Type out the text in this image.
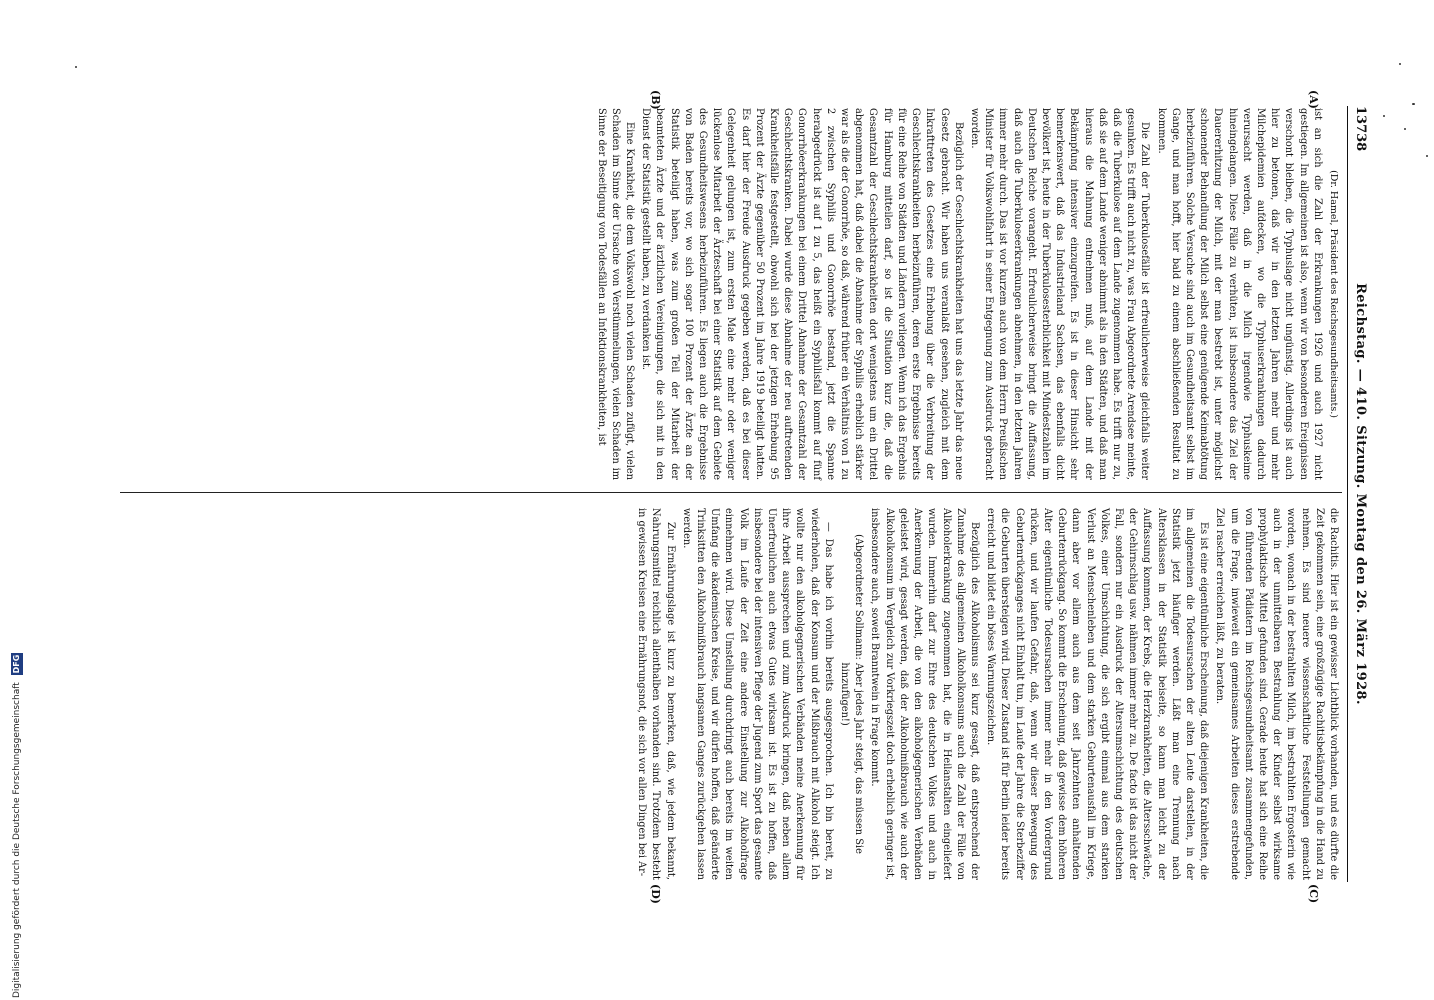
Digitalisierung gefördert durch die Deutsche Forschungsgemeinschaft DFG
13738
Reichstag. — 410. Sitzung. Montag den 26. März 1928.
(A)
(B)
(C)
(D)

(Dr. Hamel, Präsident des Reichsgesundheitsamts.)

ist an sich die Zahl der Erkrankungen 1926 und auch 1927 nicht gestiegen. Im allgemeinen ist also, wenn wir von besonderen Ereignissen verschont bleiben, die Typhuslage nicht ungünstig. Allerdings ist auch hier zu betonen, daß wir in den letzten Jahren mehr und mehr Milchepidemien aufdecken, wo die Typhuserkrankungen dadurch verursacht werden, daß in die Milch irgendwie Typhuskeime hineingelangen. Diese Fälle zu verhüten, ist insbesondere das Ziel der Dauererhitzung der Milch, mit der man bestrebt ist, unter möglichst schonender Behandlung der Milch selbst eine genügende Keimabtötung herbeizuführen. Solche Versuche sind auch im Gesundheitsamt selbst im Gange, und man hofft, hier bald zu einem abschließenden Resultat zu kommen.

Die Zahl der Tuberkulosefälle ist erfreulicherweise gleichfalls weiter gesunken. Es trifft auch nicht zu, was Frau Abgeordnete Arendsee meinte, daß die Tuberkulose auf dem Lande zugenommen habe. Es trifft nur zu, daß sie auf dem Lande weniger abnimmt als in den Städten, und daß man hieraus die Mahnung entnehmen muß, auf dem Lande mit der Bekämpfung intensiver einzugreifen. Es ist in dieser Hinsicht sehr bemerkenswert, daß das Industrieland Sachsen, das ebenfalls dicht bevölkert ist, heute in der Tuberkulosesterblichkeit mit Mindestzahlen im Deutschen Reiche vorangeht. Erfreulicherweise bringt die Auffassung, daß auch die Tuberkuloseerkrankungen abnehmen, in den letzten Jahren immer mehr durch. Das ist vor kurzem auch von dem Herrn Preußischen Minister für Volkswohlfahrt in seiner Entgegnung zum Ausdruck gebracht worden.

Bezüglich der Geschlechtskrankheiten hat uns das letzte Jahr das neue Gesetz gebracht. Wir haben uns veranlaßt gesehen, zugleich mit dem Inkrafttreten des Gesetzes eine Erhebung über die Verbreitung der Geschlechtskrankheiten herbeizuführen, deren erste Ergebnisse bereits für eine Reihe von Städten und Ländern vorliegen. Wenn ich das Ergebnis für Hamburg mitteilen darf, so ist die Situation kurz die, daß die Gesamtzahl der Geschlechtskrankheiten dort wenigstens um ein Drittel abgenommen hat, daß dabei die Abnahme der Syphilis erheblich stärker war als die der Gonorrhöe, so daß, während früher ein Verhältnis von 1 zu 2 zwischen Syphilis und Gonorrhöe bestand, jetzt die Spanne herabgedrückt ist auf 1 zu 5, das heißt ein Syphilisfall kommt auf fünf Gonorrhöeerkrankungen bei einem Drittel Abnahme der Gesamtzahl der Geschlechtskranken. Dabei wurde diese Abnahme der neu auftretenden Krankheitsfälle festgestellt, obwohl sich bei der jetzigen Erhebung 95 Prozent der Ärzte gegenüber 50 Prozent im Jahre 1919 beteiligt hatten. Es darf hier der Freude Ausdruck gegeben werden, daß es bei dieser Gelegenheit gelungen ist, zum ersten Male eine mehr oder weniger lückenlose Mitarbeit der Ärzteschaft bei einer Statistik auf dem Gebiete des Gesundheitswesens herbeizuführen. Es liegen auch die Ergebnisse von Baden bereits vor, wo sich sogar 100 Prozent der Ärzte an der Statistik beteiligt haben, was zum großen Teil der Mitarbeit der beamteten Ärzte und der ärztlichen Vereinigungen, die sich mit in den Dienst der Statistik gestellt haben, zu verdanken ist.

Eine Krankheit, die dem Volkswohl noch vielen Schaden zufügt, vielen Schaden im Sinne der Ursache von Verstümmelungen, vielen Schaden im Sinne der Beseitigung von Todesfällen an Infektionskrankheiten, ist

die Rachitis. Hier ist ein gewisser Lichtblick vorhanden, und es dürfte die Zeit gekommen sein, eine großzügige Rachitisbekämpfung in die Hand zu nehmen. Es sind neuere wissenschaftliche Feststellungen gemacht worden, wonach in der bestrahlten Milch, im bestrahlten Ergosterin wie auch in der unmittelbaren Bestrahlung der Kinder selbst wirksame prophylaktische Mittel gefunden sind. Gerade heute hat sich eine Reihe von führenden Pädiatern im Reichsgesundheitsamt zusammengefunden, um die Frage, inwieweit ein gemeinsames Arbeiten dieses erstrebende Ziel rascher erreichen läßt, zu beraten.

Es ist eine eigentümliche Erscheinung, daß diejenigen Krankheiten, die im allgemeinen die Todesursachen der alten Leute darstellen, in der Statistik jetzt häufiger werden. Läßt man eine Trennung nach Altersklassen in der Statistik beiseite, so kann man leicht zu der Auffassung kommen, der Krebs, die Herzkrankheiten, die Altersschwäche, der Gehirnschlag usw. nähmen immer mehr zu. De facto ist das nicht der Fall, sondern nur ein Ausdruck der Altersumschichtung des deutschen Volkes, einer Umschichtung, die sich ergibt einmal aus dem starken Verlust an Menschenleben und dem starken Geburtenausfall im Kriege, dann aber vor allem auch aus dem seit Jahrzehnten anhaltenden Geburtenrückgang. So kommt die Erscheinung, daß gewisse dem höheren Alter eigentümliche Todesursachen immer mehr in den Vordergrund rücken, und wir laufen Gefahr, daß, wenn wir dieser Bewegung des Geburtenrückganges nicht Einhalt tun, im Laufe der Jahre die Sterbeziffer die Geburten übersteigen wird. Dieser Zustand ist für Berlin leider bereits erreicht und bildet ein böses Warnungszeichen.

Bezüglich des Alkoholismus sei kurz gesagt, daß entsprechend der Zunahme des allgemeinen Alkoholkonsums auch die Zahl der Fälle von Alkoholerkrankung zugenommen hat, die in Heilanstalten eingeliefert wurden. Immerhin darf zur Ehre des deutschen Volkes und auch in Anerkennung der Arbeit, die von den alkoholgegnerischen Verbänden geleistet wird, gesagt werden, daß der Alkoholmißbrauch wie auch der Alkoholkonsum im Vergleich zur Vorkriegszeit doch erheblich geringer ist, insbesondere auch, soweit Branntwein in Frage kommt.

(Abgeordneter Sollmann: Aber jedes Jahr steigt, das müssen Sie hinzufügen!)

— Das habe ich vorhin bereits ausgesprochen. Ich bin bereit, zu wiederholen, daß der Konsum und der Mißbrauch mit Alkohol steigt. Ich wollte nur den alkoholgegnerischen Verbänden meine Anerkennung für ihre Arbeit aussprechen und zum Ausdruck bringen, daß neben allem Unerfreulichen auch etwas Gutes wirksam ist. Es ist zu hoffen, daß insbesondere bei der intensiven Pflege der Jugend zum Sport das gesamte Volk im Laufe der Zeit eine andere Einstellung zur Alkoholfrage einnehmen wird. Diese Umstellung durchdringt auch bereits im weiten Umfang die akademischen Kreise, und wir dürfen hoffen, daß geänderte Trinksitten den Alkoholmißbrauch langsamen Ganges zurückgehen lassen werden.

Zur Ernährungslage ist kurz zu bemerken, daß, wie jedem bekannt, Nahrungsmittel reichlich allenthalben vorhanden sind. Trotzdem besteht in gewissen Kreisen eine Ernährungsnot, die sich vor allen Dingen bei Ar-
